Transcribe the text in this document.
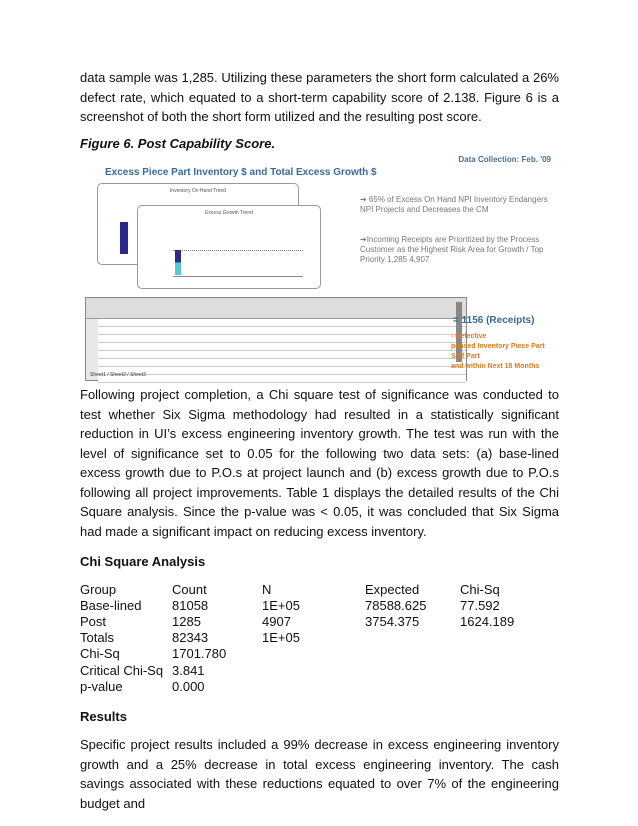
data sample was 1,285. Utilizing these parameters the short form calculated a 26% defect rate, which equated to a short-term capability score of 2.138. Figure 6 is a screenshot of both the short form utilized and the resulting post score.
Figure 6. Post Capability Score.
Data Collection: Feb. '09
Excess Piece Part Inventory $ and Total Excess Growth $
Inventory On Hand Trend
Excess Growth Trend
➔ 65% of Excess On Hand NPI Inventory Endangers NPI Projects and Decreases the CM
➔Incoming Receipts are Prioritized by the Process Customer as the Highest Risk Area for Growth / Top Priority 1,285 4,907
Sheet1 / Sheet2 / Sheet3
= 1156 (Receipts)
- Defective
pensed Inventory Piece Part
S of Part
and within Next 18 Months
Following project completion, a Chi square test of significance was conducted to test whether Six Sigma methodology had resulted in a statistically significant reduction in UI’s excess engineering inventory growth. The test was run with the level of significance set to 0.05 for the following two data sets: (a) base-lined excess growth due to P.O.s at project launch and (b) excess growth due to P.O.s following all project improvements. Table 1 displays the detailed results of the Chi Square analysis. Since the p-value was < 0.05, it was concluded that Six Sigma had made a significant impact on reducing excess inventory.
Chi Square Analysis
Group	Count	N	Expected	Chi-Sq
Base-lined	81058	1E+05	78588.625	77.592
Post	1285	4907	3754.375	1624.189
Totals	82343	1E+05		
Chi-Sq	1701.780			
Critical Chi-Sq	3.841			
p-value	0.000			
Results
Specific project results included a 99% decrease in excess engineering inventory growth and a 25% decrease in total excess engineering inventory. The cash savings associated with these reductions equated to over 7% of the engineering budget and
